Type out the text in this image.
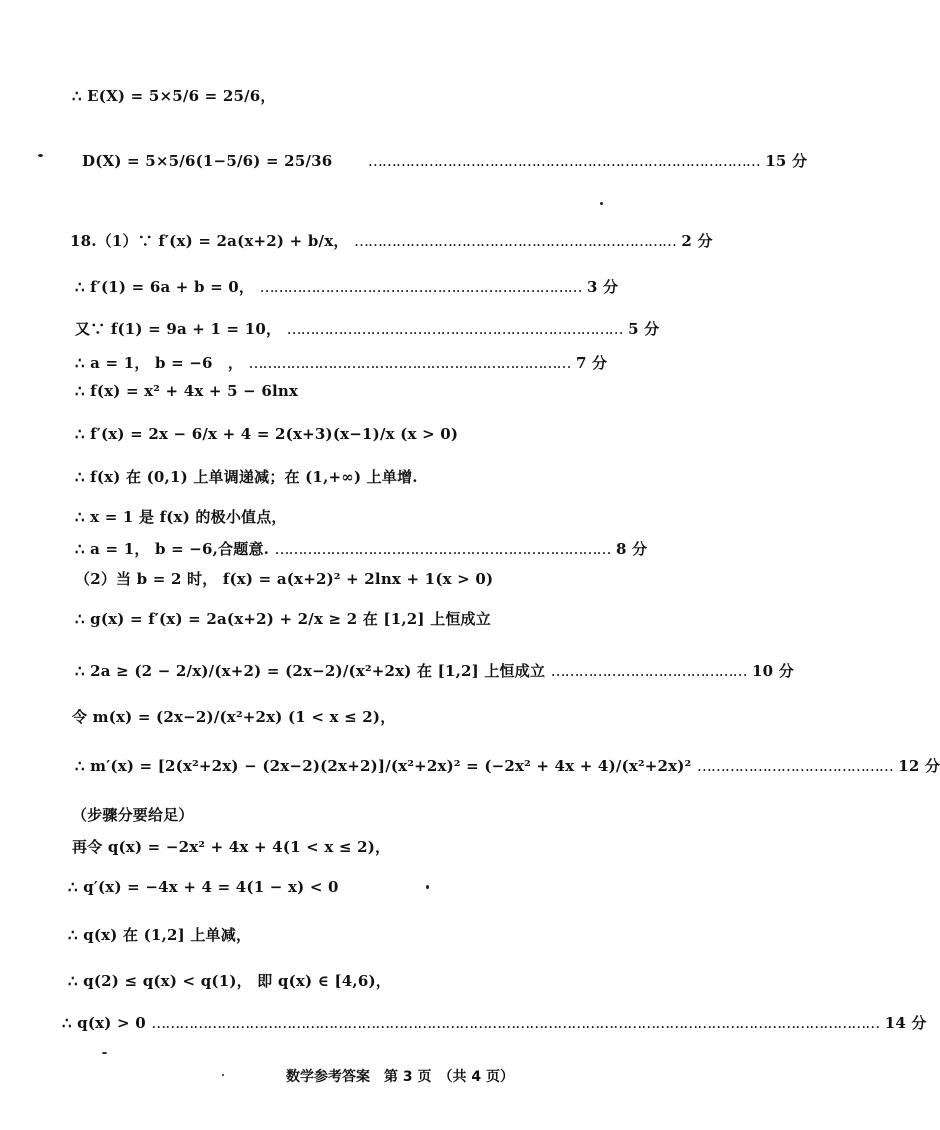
∴ E(X) = 5×5/6 = 25/6，
D(X) = 5×5/6(1−5/6) = 25/36 ………………………………………………………………………… 15 分
18.（1）∵ f′(x) = 2a(x+2) + b/x， …………………………………………………………… 2 分
∴ f′(1) = 6a + b = 0， …………………………………………………………… 3 分
又∵ f(1) = 9a + 1 = 10， ……………………………………………………………… 5 分
∴ a = 1， b = −6　， …………………………………………………………… 7 分
∴ f(x) = x² + 4x + 5 − 6lnx
∴ f′(x) = 2x − 6/x + 4 = 2(x+3)(x−1)/x (x > 0)
∴ f(x) 在 (0,1) 上单调递减；在 (1,+∞) 上单增.
∴ x = 1 是 f(x) 的极小值点，
∴ a = 1， b = −6,合题意. ……………………………………………………………… 8 分
（2）当 b = 2 时， f(x) = a(x+2)² + 2lnx + 1(x > 0)
∴ g(x) = f′(x) = 2a(x+2) + 2/x ≥ 2 在 [1,2] 上恒成立
∴ 2a ≥ (2 − 2/x)/(x+2) = (2x−2)/(x²+2x) 在 [1,2] 上恒成立 …………………………………… 10 分
令 m(x) = (2x−2)/(x²+2x) (1 < x ≤ 2)，
∴ m′(x) = [2(x²+2x) − (2x−2)(2x+2)]/(x²+2x)² = (−2x² + 4x + 4)/(x²+2x)² …………………………………… 12 分
（步骤分要给足）
再令 q(x) = −2x² + 4x + 4(1 < x ≤ 2)，
∴ q′(x) = −4x + 4 = 4(1 − x) < 0
∴ q(x) 在 (1,2] 上单减，
∴ q(2) ≤ q(x) < q(1)， 即 q(x) ∈ [4,6)，
∴ q(x) > 0 ………………………………………………………………………………………………………………………………………… 14 分
数学参考答案　第 3 页　（共 4 页）
